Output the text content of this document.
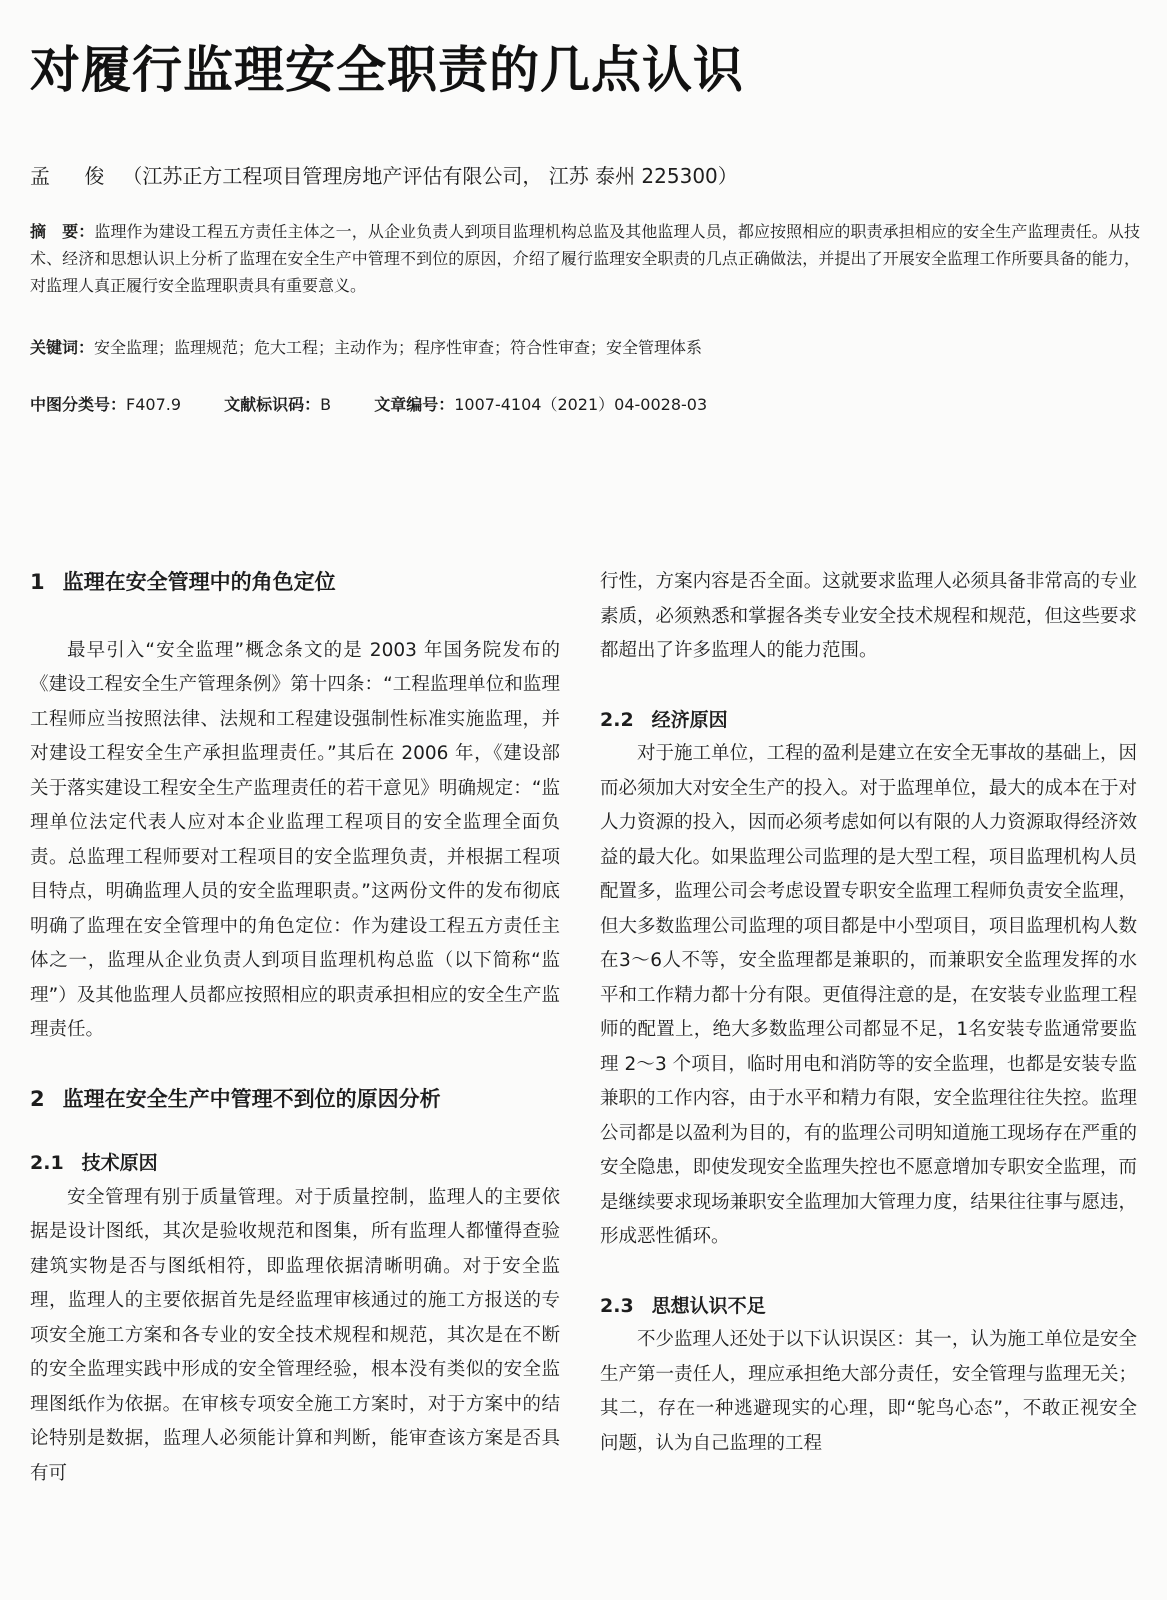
对履行监理安全职责的几点认识
孟 俊 （江苏正方工程项目管理房地产评估有限公司， 江苏 泰州 225300）
摘　要：监理作为建设工程五方责任主体之一，从企业负责人到项目监理机构总监及其他监理人员，都应按照相应的职责承担相应的安全生产监理责任。从技术、经济和思想认识上分析了监理在安全生产中管理不到位的原因，介绍了履行监理安全职责的几点正确做法，并提出了开展安全监理工作所要具备的能力，对监理人真正履行安全监理职责具有重要意义。
关键词：安全监理；监理规范；危大工程；主动作为；程序性审查；符合性审查；安全管理体系
中图分类号：F407.9	文献标识码：B	文章编号：1007-4104（2021）04-0028-03
1 监理在安全管理中的角色定位

最早引入“安全监理”概念条文的是 2003 年国务院发布的《建设工程安全生产管理条例》第十四条：“工程监理单位和监理工程师应当按照法律、法规和工程建设强制性标准实施监理，并对建设工程安全生产承担监理责任。”其后在 2006 年，《建设部关于落实建设工程安全生产监理责任的若干意见》明确规定：“监理单位法定代表人应对本企业监理工程项目的安全监理全面负责。总监理工程师要对工程项目的安全监理负责，并根据工程项目特点，明确监理人员的安全监理职责。”这两份文件的发布彻底明确了监理在安全管理中的角色定位：作为建设工程五方责任主体之一，监理从企业负责人到项目监理机构总监（以下简称“监理”）及其他监理人员都应按照相应的职责承担相应的安全生产监理责任。

2 监理在安全生产中管理不到位的原因分析
2.1 技术原因

安全管理有别于质量管理。对于质量控制，监理人的主要依据是设计图纸，其次是验收规范和图集，所有监理人都懂得查验建筑实物是否与图纸相符，即监理依据清晰明确。对于安全监理，监理人的主要依据首先是经监理审核通过的施工方报送的专项安全施工方案和各专业的安全技术规程和规范，其次是在不断的安全监理实践中形成的安全管理经验，根本没有类似的安全监理图纸作为依据。在审核专项安全施工方案时，对于方案中的结论特别是数据，监理人必须能计算和判断，能审查该方案是否具有可

行性，方案内容是否全面。这就要求监理人必须具备非常高的专业素质，必须熟悉和掌握各类专业安全技术规程和规范，但这些要求都超出了许多监理人的能力范围。

2.2 经济原因

对于施工单位，工程的盈利是建立在安全无事故的基础上，因而必须加大对安全生产的投入。对于监理单位，最大的成本在于对人力资源的投入，因而必须考虑如何以有限的人力资源取得经济效益的最大化。如果监理公司监理的是大型工程，项目监理机构人员配置多，监理公司会考虑设置专职安全监理工程师负责安全监理，但大多数监理公司监理的项目都是中小型项目，项目监理机构人数在3～6人不等，安全监理都是兼职的，而兼职安全监理发挥的水平和工作精力都十分有限。更值得注意的是，在安装专业监理工程师的配置上，绝大多数监理公司都显不足，1名安装专监通常要监理 2～3 个项目，临时用电和消防等的安全监理，也都是安装专监兼职的工作内容，由于水平和精力有限，安全监理往往失控。监理公司都是以盈利为目的，有的监理公司明知道施工现场存在严重的安全隐患，即使发现安全监理失控也不愿意增加专职安全监理，而是继续要求现场兼职安全监理加大管理力度，结果往往事与愿违，形成恶性循环。

2.3 思想认识不足

不少监理人还处于以下认识误区：其一，认为施工单位是安全生产第一责任人，理应承担绝大部分责任，安全管理与监理无关；其二，存在一种逃避现实的心理，即“鸵鸟心态”，不敢正视安全问题，认为自己监理的工程
